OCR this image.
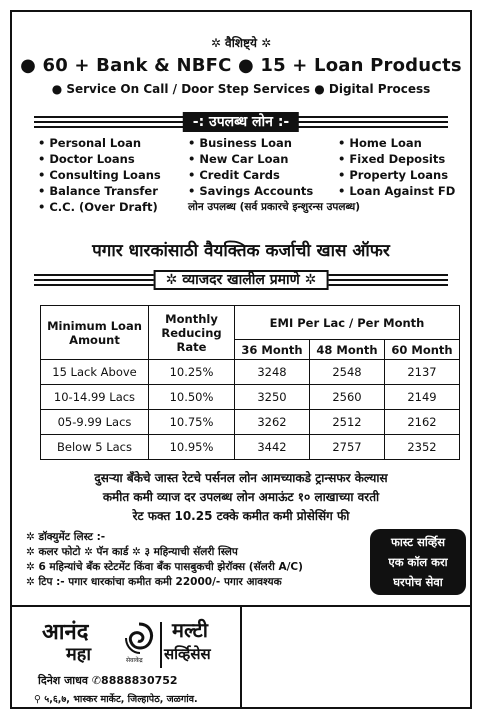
✲ वैशिष्ट्ये ✲
● 60 + Bank & NBFC ● 15 + Loan Products
● Service On Call / Door Step Services ● Digital Process
-: उपलब्ध लोन :-
• Personal Loan	• Business Loan	• Home Loan
• Doctor Loans	• New Car Loan	• Fixed Deposits
• Consulting Loans	• Credit Cards	• Property Loans
• Balance Transfer	• Savings Accounts	• Loan Against FD
• C.C. (Over Draft)	लोन उपलब्ध (सर्व प्रकारचे इन्शुरन्स उपलब्ध)
पगार धारकांसाठी वैयक्तिक कर्जाची खास ऑफर
✲ व्याजदर खालील प्रमाणे ✲
Minimum Loan Amount	Monthly Reducing Rate	EMI Per Lac / Per Month		
		36 Month	48 Month	60 Month
15 Lack Above	10.25%	3248	2548	2137
10-14.99 Lacs	10.50%	3250	2560	2149
05-9.99 Lacs	10.75%	3262	2512	2162
Below 5 Lacs	10.95%	3442	2757	2352
दुसऱ्या बँकेचे जास्त रेटचे पर्सनल लोन आमच्याकडे ट्रान्सफर केल्यास
कमीत कमी व्याज दर उपलब्ध लोन अमाऊंट १० लाखाच्या वरती
रेट फक्त 10.25 टक्के कमीत कमी प्रोसेसिंग फी
✲ डॉक्युमेंट लिस्ट :-
✲ कलर फोटो ✲ पॅन कार्ड ✲ ३ महिन्याची सॅलरी स्लिप
✲ 6 महिन्यांचे बँक स्टेटमेंट किंवा बँक पासबुकची झेरॉक्स (सॅलरी A/C)
✲ टिप :- पगार धारकांचा कमीत कमी 22000/- पगार आवश्यक
फास्ट सर्व्हिस
एक कॉल करा
घरपोच सेवा
आनंद
महा	सेवाकेंद्र
मल्टी
सर्व्हिसेस
दिनेश जाधव ✆8888830752
⚲ ५,६,७, भास्कर मार्केट, जिल्हापेठ, जळगांव.
